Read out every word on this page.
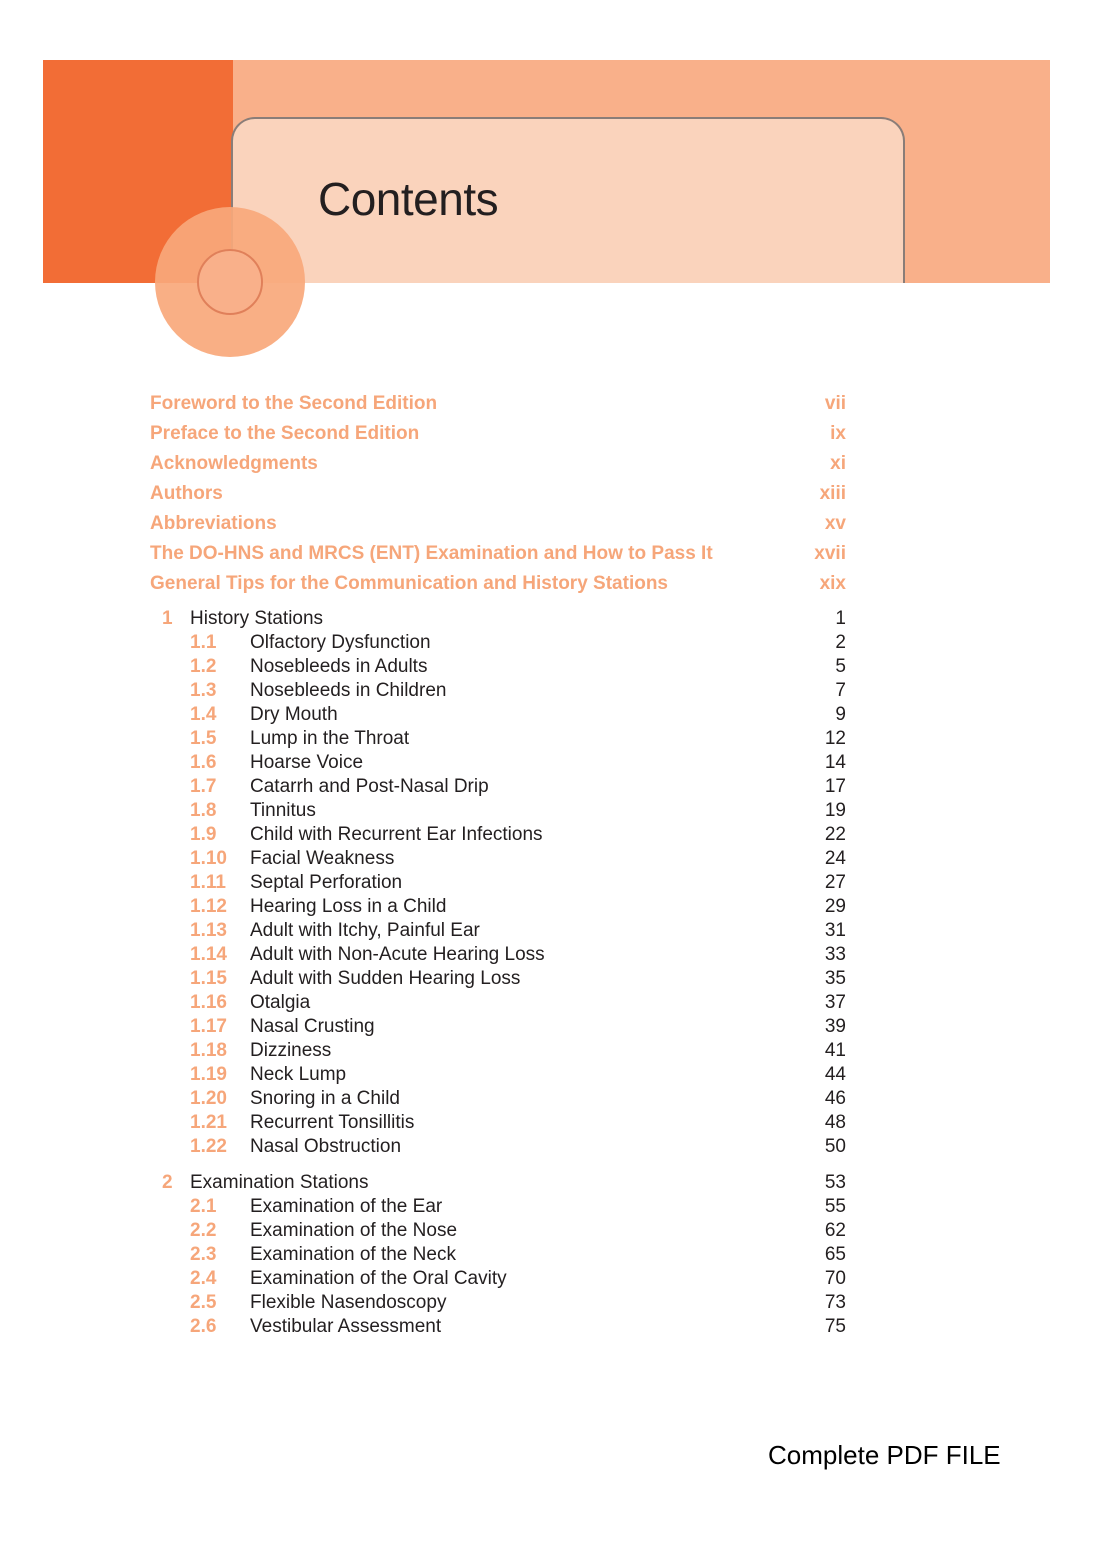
Contents
Foreword to the Second Edition	vii
Preface to the Second Edition	ix
Acknowledgments	xi
Authors	xiii
Abbreviations	xv
The DO-HNS and MRCS (ENT) Examination and How to Pass It	xvii
General Tips for the Communication and History Stations	xix
1 History Stations	1
1.1 Olfactory Dysfunction	2
1.2 Nosebleeds in Adults	5
1.3 Nosebleeds in Children	7
1.4 Dry Mouth	9
1.5 Lump in the Throat	12
1.6 Hoarse Voice	14
1.7 Catarrh and Post-Nasal Drip	17
1.8 Tinnitus	19
1.9 Child with Recurrent Ear Infections	22
1.10 Facial Weakness	24
1.11 Septal Perforation	27
1.12 Hearing Loss in a Child	29
1.13 Adult with Itchy, Painful Ear	31
1.14 Adult with Non-Acute Hearing Loss	33
1.15 Adult with Sudden Hearing Loss	35
1.16 Otalgia	37
1.17 Nasal Crusting	39
1.18 Dizziness	41
1.19 Neck Lump	44
1.20 Snoring in a Child	46
1.21 Recurrent Tonsillitis	48
1.22 Nasal Obstruction	50
2 Examination Stations	53
2.1 Examination of the Ear	55
2.2 Examination of the Nose	62
2.3 Examination of the Neck	65
2.4 Examination of the Oral Cavity	70
2.5 Flexible Nasendoscopy	73
2.6 Vestibular Assessment	75
Complete PDF FILE
